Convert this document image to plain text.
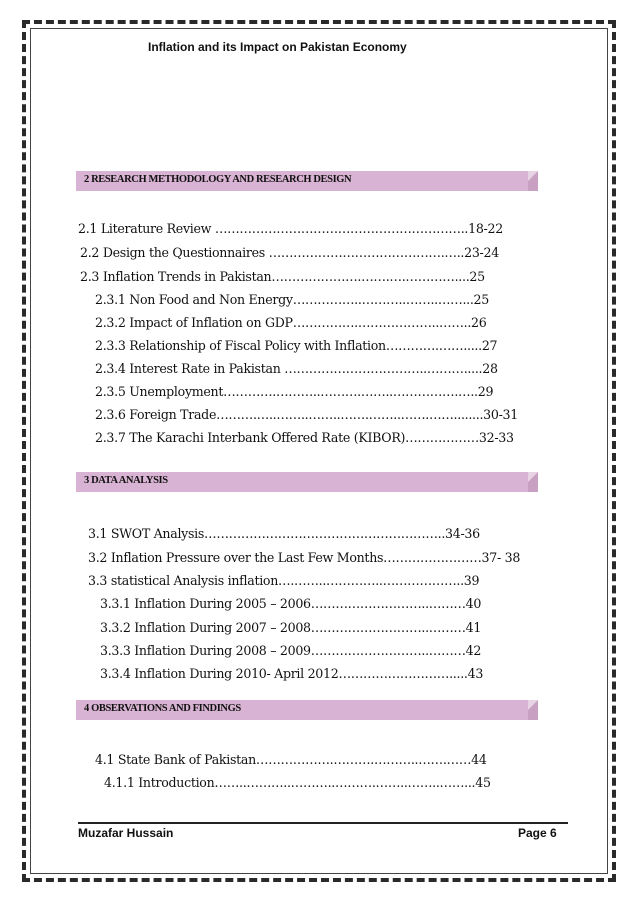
Inflation and its Impact on Pakistan Economy
2 RESEARCH METHODOLOGY AND RESEARCH DESIGN
2.1 Literature Review ……………………………………………………..18-22
2.2 Design the Questionnaires …………………………………….…..23-24
2.3 Inflation Trends in Pakistan………………….…….….…………....25
2.3.1 Non Food and Non Energy……………..………..……..……...25
2.3.2 Impact of Inflation on GDP…………….………………..……..26
2.3.3 Relationship of Fiscal Policy with Inflation………….…….....27
2.3.4 Interest Rate in Pakistan ……………………………..……….....28
2.3.5 Unemployment………….………..……….……..…………….…..29
2.3.6 Foreign Trade……….…..……..……..…….……..…….……........30-31
2.3.7 The Karachi Interbank Offered Rate (KIBOR)………………32-33
3 DATA ANALYSIS
3.1 SWOT Analysis…………………………………………………..34-36
3.2 Inflation Pressure over the Last Few Months……………………37- 38
3.3 statistical Analysis inflation….……..…………..………………..39
3.3.1 Inflation During 2005 – 2006………………………..………40
3.3.2 Inflation During 2007 – 2008………………………..………41
3.3.3 Inflation During 2008 – 2009………………………..………42
3.3.4 Inflation During 2010- April 2012……………………….....43
4 OBSERVATIONS AND FINDINGS
4.1 State Bank of Pakistan……………….……….………..…….……44
4.1.1 Introduction……..………..………..……….……..……..……...45
Muzafar Hussain	Page 6
